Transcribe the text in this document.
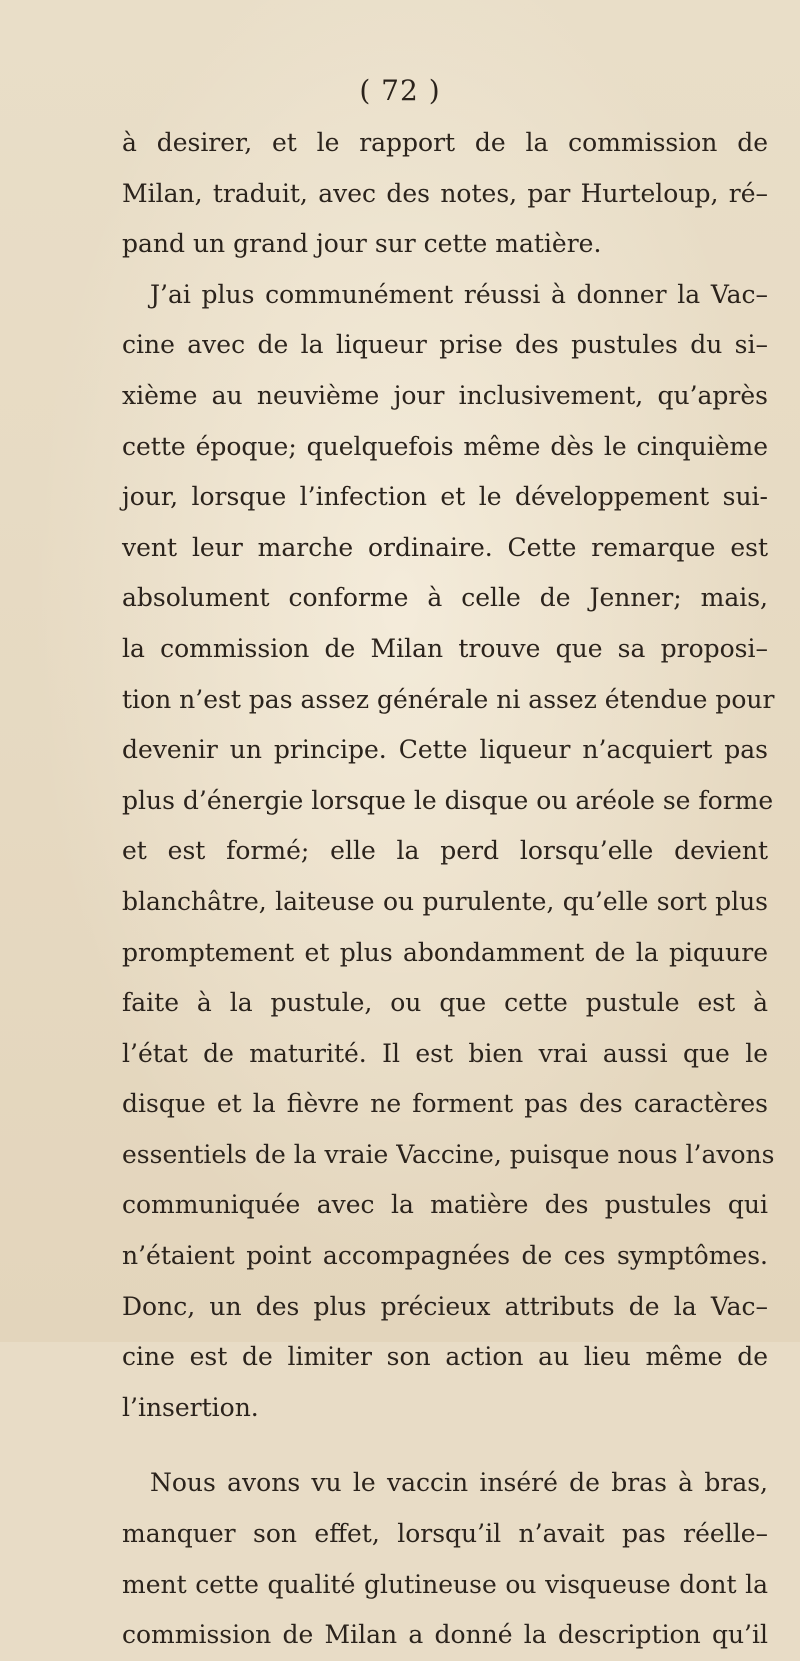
( 72 )
à desirer, et le rapport de la commission de
Milan, traduit, avec des notes, par Hurteloup, ré–
pand un grand jour sur cette matière.
J’ai plus communément réussi à donner la Vac–
cine avec de la liqueur prise des pustules du si–
xième au neuvième jour inclusivement, qu’après
cette époque; quelquefois même dès le cinquième
jour, lorsque l’infection et le développement sui-
vent leur marche ordinaire. Cette remarque est
absolument conforme à celle de Jenner; mais,
la commission de Milan trouve que sa proposi–
tion n’est pas assez générale ni assez étendue pour
devenir un principe. Cette liqueur n’acquiert pas
plus d’énergie lorsque le disque ou aréole se forme
et est formé; elle la perd lorsqu’elle devient
blanchâtre, laiteuse ou purulente, qu’elle sort plus
promptement et plus abondamment de la piquure
faite à la pustule, ou que cette pustule est à
l’état de maturité. Il est bien vrai aussi que le
disque et la fièvre ne forment pas des caractères
essentiels de la vraie Vaccine, puisque nous l’avons
communiquée avec la matière des pustules qui
n’étaient point accompagnées de ces symptômes.
Donc, un des plus précieux attributs de la Vac–
cine est de limiter son action au lieu même de
l’insertion.
Nous avons vu le vaccin inséré de bras à bras,
manquer son effet, lorsqu’il n’avait pas réelle–
ment cette qualité glutineuse ou visqueuse dont la
commission de Milan a donné la description qu’il
